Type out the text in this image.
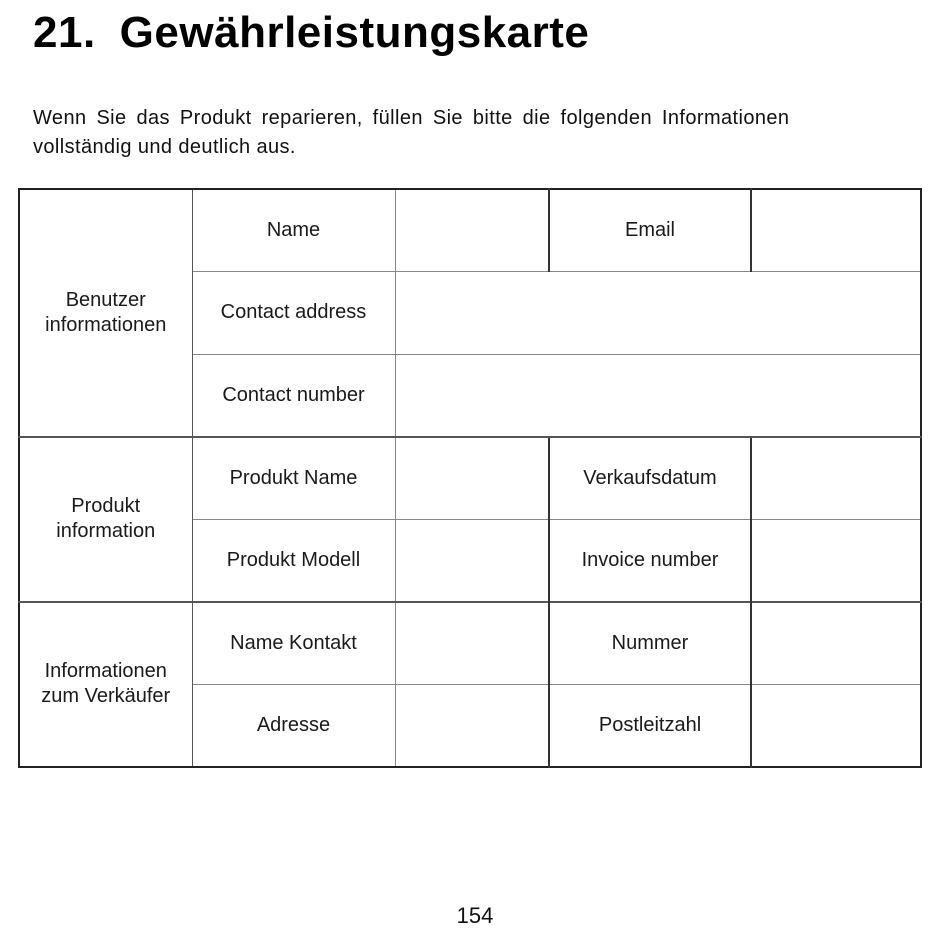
21. Gewährleistungskarte

Wenn Sie das Produkt reparieren, füllen Sie bitte die folgenden Informationen
vollständig und deutlich aus.

Benutzer informationen	Name		Email	
	Contact address			
	Contact number			
Produkt information	Produkt Name		Verkaufsdatum	
	Produkt Modell		Invoice number	
Informationen zum Verkäufer	Name Kontakt		Nummer	
	Adresse		Postleitzahl	
154
